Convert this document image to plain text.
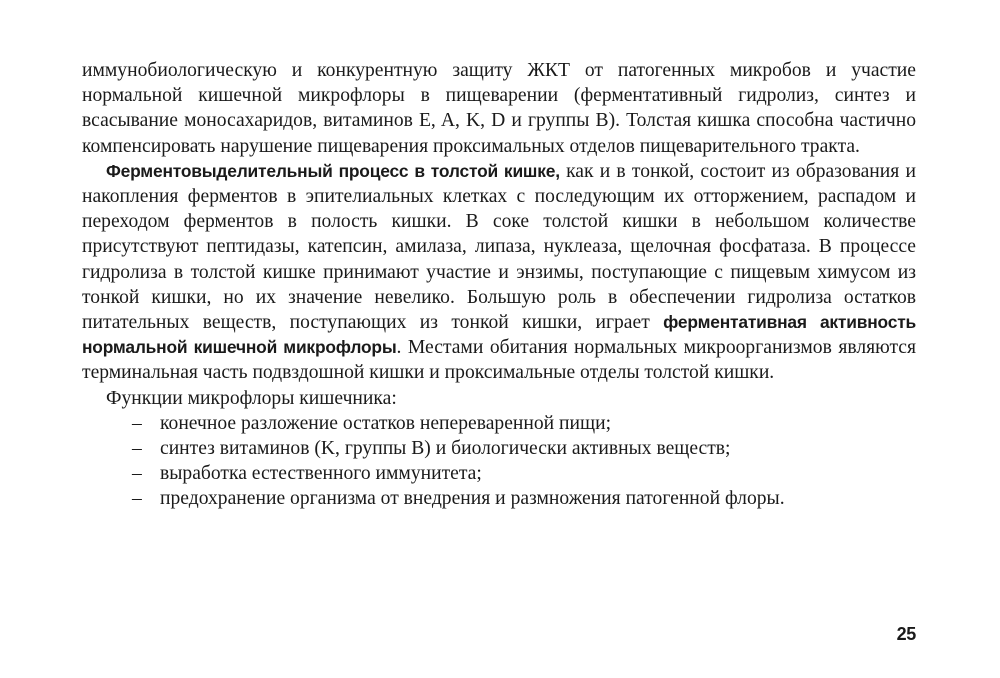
иммунобиологическую и конкурентную защиту ЖКТ от патогенных микробов и участие нормальной кишечной микрофлоры в пищеварении (ферментативный гидролиз, синтез и всасывание моносахаридов, витаминов E, A, K, D и группы B). Толстая кишка способна частично компенсировать нарушение пищеварения проксимальных отделов пищеварительного тракта.

Ферментовыделительный процесс в толстой кишке, как и в тонкой, состоит из образования и накопления ферментов в эпителиальных клетках с последующим их отторжением, распадом и переходом ферментов в полость кишки. В соке толстой кишки в небольшом количестве присутствуют пептидазы, катепсин, амилаза, липаза, нуклеаза, щелочная фосфатаза. В процессе гидролиза в толстой кишке принимают участие и энзимы, поступающие с пищевым химусом из тонкой кишки, но их значение невелико. Большую роль в обеспечении гидролиза остатков питательных веществ, поступающих из тонкой кишки, играет ферментативная активность нормальной кишечной микрофлоры. Местами обитания нормальных микроорганизмов являются терминальная часть подвздошной кишки и проксимальные отделы толстой кишки.

Функции микрофлоры кишечника:

– конечное разложение остатков непереваренной пищи;
– синтез витаминов (K, группы B) и биологически активных веществ;
– выработка естественного иммунитета;
– предохранение организма от внедрения и размножения патогенной флоры.
25
